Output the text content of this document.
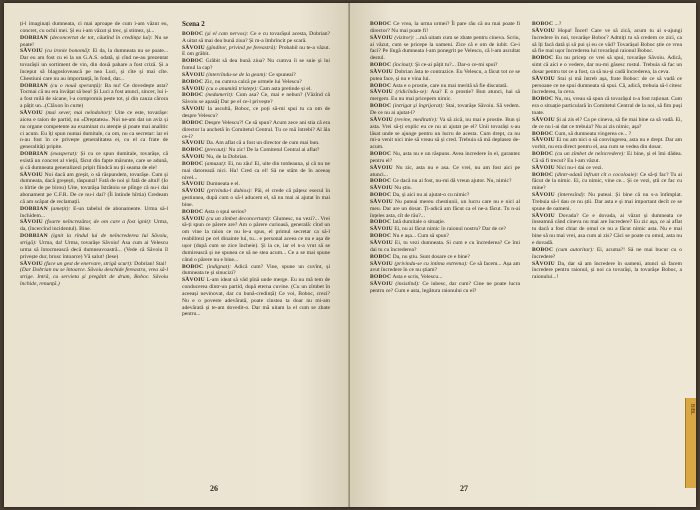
ți-l imaginați dumneata, ci mai aproape de cum i-am văzut eu, concret, cu ochii mei. Și eu i-am văzut și trec, și stimez, și...

DOBRIAN (deconcertat de tot, căutînd în credința lui): Nu se poate!

SĂVOIU (cu ironie bonomă): Ei da, la dumneata nu se poate... Dar eu am fost cu ei la un G.A.S. odată, și cînd ne-au prezentat tovarășii un sortiment de vin, din două pahare a fost criză. Și a început să blagoslovească pe nea Luci, și cîte și mai cîte. Chestiuni care nu au importanță, în fond, dar...

DOBRIAN (cu o nouă speranță): Ba nu! Ce dovedește asta? Tocmai că nu era învățat să bea! Și Luci a fost atunci, sincer, lui i-a fost milă de sicane, l-a compromis peste tot, și din cauza cărora a pățit un...(Clăxon în curte)

SĂVOIU (mai sever, mai neîndoitor): Uite ce este, tovarășe: aicea e raion de partid, nu «Dreptatea». Noi ne-am dat un aviz și nu organe competente au examinat cu atenție și poate mai analitic ci acum. Eu îți spun numai dumitale, ca om, nu ca secretar: iar ei n-au fost în ce privește generalitatea ei, cu el ca frate de generalități pripite.

DOBRIAN (exasperat): Și cu ce spun dumitale, tovarășe, că există un concret al vieții, făcut din fapte mărunte, care se adună, și că dumneata generalizezi pripit fiindcă nu ții seama de ele!

SĂVOIU Noi dacă am greșit, o să răspundem, tovarășe. Cum și dumneata, dacă greșești, răspunzi! Fată de noi și fată de altul! (Io o hîrtie de pe birou) Uite, tovarășa Istrătoiu se plînge că nu-i dai abonament pe C.F.R. De ce nu-i dai? (Îi întinde hîrtia) Credeam că am scăpat de reclamații.

DOBRIAN (amețit): E-un tabelul de abonamente. Urma să-l închidem...

SĂVOIU (foarte neîncrezător, de om care a fost ignit): Urma, da, (încercînd incidentul). Bine.

DOBRIAN (ignit la rîndul lui de neîncrederea lui Săvoiu, strigă): Urma, da! Urma, tovarășe Săvoiu! Asa cum ai Velescu urma să întocmească decă dumneavoastră... (Vede că Săvoiu îl privește dur, brusc întoarce) Vă salut! (Iese)

SĂVOIU (face un gest de enervare, strigă scurt): Dobrian! Stai!

(Dar Dobrian nu se întoarce. Săvoiu deschide fereastra, vrea să-l strige. Intră, cu servieta și pregătit de drum, Boboc. Săvoiu închide, renunță.)

Scena 2

BOBOC (și el cam nervos): Ce e cu tovarășul acesta, Dobrian? A uitat să mai dea bună ziua? Și m-a îmbrîncit pe scară.

SĂVOIU (gînditor, privind pe fereastră): Probabil nu te-a văzut. E om grăbit.

BOBOC Grăbit să dea bună ziua? Nu cumva îi se suie și lui fumul la cap?

SĂVOIU (intercîndu-se de la geam): Ce spuneai?

BOBOC Zic, nu cumva calcă pe urmele lui Velescu?

SĂVOIU (cu o anumită tristețe): Cam asta pretinde și el.

BOBOC (nedumerit): Cum asa? Ce, mai e nebun? (Văzînd că Săvoiu se apasă) Dar pe el ce-l privește?

SĂVOIU Ia ascultă, Boboc, ce poți să-mi spui tu ca om de despre Velescu?

BOBOC Despre Velescu?! Ce să spun? Acum zece ani stia că era director la anchetă în Comitetul Central. Tu ce mă întrebi? Al ăla ce-i?

SĂVOIU Da. Am aflat că a fost un director de cum mai bun.

BOBOC (precaut): Nu zic! De la Comitetul Central ai aflat?

SĂVOIU Nu, de la Dobrian.

BOBOC (amuzat): Ei, nu zău! Ei, uite din totdeauna, și că nu ne mai datorează nici. Ha! Cred ca el! Să ne stăm de în aceeaș nivel...

SĂVOIU Dumneata e el.

SĂVOIU (privindu-l dubios): Păi, el crede că pățesc esecul în gestiunea, după cum o să-l aducem el, să nu mai ai ajutat în mai bine.

BOBOC Asta o spui serios?

SĂVOIU (cu un zîmbet deconcertant): Glumesc, nu vezi?... Vrei să-ți spun ce părere are? Am o părere curioasă, generală: cînd un om vine la raion ce nu le-a spus, el primul secretar ca să-l reabilitezi pe cel dinainte lui, tu... e personal aceea ce nu e așa de ușor (după cum se zice încheie). Și la ce, iar el n-a vrut să se dumirească și ne spunea ce să ne stea acum... Ce a se mai spune când o părere nu e bine...

BOBOC (indignat): Adică cum? Vine, spune un cuvînt, și dumneata te și sinucizi?

SĂVOIU L-am ideat să văd pînă unde merge. Eu nu mă tem de conducerea dintr-un partid, după eterna cuvine. (Cu un zîmbet în aceeași nevinovat, dar cu bună-credință) Ce voi, Boboc, crezi? Nu e o poveste adevărată, poate cinstea ta doar nu mi-am adevărată și te-am dovedit-o. Dar mă uitam la el cum se zbate pentru...

26

BOBOC Ce vrea, la urma urmei? Îi pare rău că nu mai poate fi director? Nu mai poate fi!

SĂVOIU (vizitor): ...mă uitam cum se zbate pentru cineva. Scriu, ai văzut, cum se pricepe la oameni. Zice că e om de iubit. Ce-i faci? Pe lîngă dumneata l-am ponegrit pe Velescu, că l-am ascultat destul.

BOBOC (încinat): Și ce-ai pățit tu?... Dar-o ce-mi spui?

SĂVOIU Dobrian ăsta te contrazice. Eu Velescu, a făcut tot ce se putea face, și nu e vina lui.

BOBOC Asta e o prostie, care nu mai merită să fie discutată.

SĂVOIU (ridicîndu-se): Asa? E o prostie? Bun atunci, hai să mergem. Eu nu mai pricepem nimic.

BOBOC (intrigat și îngrijorat): Stai, tovarășe Săvoiu. Să vedem. De ce nu ai ajutat-l?

SĂVOIU (revine, meditativ): Va să zică, nu mai e prostie. Bun și asta. Vrei să-ți explic eu ce nu ai ajutat pe el? Unii tovarăși s-au lăsat unde se ajunge pentru un lucru de acesta. Cum drept, ca nu mi-a venit nici mie să vreau să și cred. Trebuia să mă deplasez de-acum.

BOBOC Nu, asta nu e un răspuns. Avea incredere în el, garantez pentru el?

SĂVOIU Nu zic, asta nu e asa. Ce vrei, nu am fost aici pe atunci...

BOBOC Ce dacă nu ai fost, nu-mi dă vreun ajutor. Nu, nimic?

SĂVOIU Nu știu.

BOBOC Da, și aici nu ai ajutat-o cu nimic?

SĂVOIU Nu puteai mereu chestiunii, un lucru care nu e nici al meu. Dar are un dosar. Ți-adică am făcut ca el ne-a făcut. Tu n-ai înțeles asta, cît de rău?...

BOBOC Iată dumitale o situație.

SĂVOIU Ei, nu ai făcut nimic în raionul nostru? Dar de ce?

BOBOC Nu e așa... Cum să spun?

SĂVOIU Ei, tu vezi dumneata. Si cum e cu încrederea? Ce îmi dai tu cu încrederea?

BOBOC Da, nu știu. Sunt dosare ce e bine?

SĂVOIU (privindu-se cu intima extrema): Ce să facem... Așa am avut încredere în ce nu știam?

BOBOC Asta e scris, Velescu...

SĂVOIU (insistînd): Ce iubesc, dar cum? Cine ne poate lucra pentru ce? Cum e asta, legătura raionului cu el?

BOBOC ...?

SĂVOIU Hopa! Încet! Care ve să zică, acum tu ai s-ajungi încredere în noi, tovarășe Boboc? Admiți tu să credem ce zici, ca să îți facă dată și să pui și eu ce văd? Tovarășul Boboc știe ce vrea să fie mai ușor încrederea lui tovarășul raionul Boboc.

BOBOC Eu nu pricep ce vrei să spui, tovarășe Săvoiu. Adică, simt că aici e o vedere, dar nu-mi găsesc rostul. Trebuia să fac un dosar pentru tot ce a fost, ca să nu-și cadă încrederea, la ceva.

SĂVOIU Stai și mă întreb așa, frate Boboc: de ce să vadă ce persoane ce ne spui dumneata să spui. Că, adică, trebuia să-l citesc încrederea, la ceva.

BOBOC Nu, nu, vreau să spun că tovarășul n-a fost raționat. Cum era o situație particulară în Comitetul Central de la noi, să fim puși toate.

SĂVOIU Și ai zis el? Ca pe cineva, să fie mai bine ca să vadă. Ei, de ce nu i-ai dat ce trebuia? Nu ai zis nimic, așa?

BOBOC Cum, să dumneata vingerea ce... ?

SĂVOIU Ei nu am nici o să convingerea, asta nu e drept. Dar am vorbit, nu era direct pentru el, asa cum se vedea din dosar.

BOBOC (cu un zîmbet de neîncredere): Ei bine, și el îmi dădea. Că să fi trecut? Eu l-am văzut.

SĂVOIU Nici nu-i dai ce vezi.

BOBOC (dintr-odată înfrunt cît o cocoloaie): Ce să-ți fac? Tu ai făcut de la nimic. Ei, cu nimic, vine ce... Și ce vezi, știi ce fac cu mine?

SĂVOIU (interesînd): Nu puteai. Și bine că nu s-a întîmplat. Trebuia să-l dau ce nu știi. Dar asta e și mai important decît ce se spune de oameni.

SĂVOIU Dovada? Ce e dovada, ai văzut și dumneata ce înseamnă când cineva nu mai are încredere? Eu zic așa, ce ai aflat tu dacă a fost chiar de omul ce nu a făcut nimic asta. Nu e mai bine să nu mai vrei, asa cum ai zis? Căci se poate cu omul, asta nu e dovadă.

BOBOC (cum autoritar): Ei, acuma?! Să ne mai bucur cu o încredere?

SĂVOIU Da, dar să am încredere în oameni, atunci să facem încredere pentru raionul, și noi ca tovarăși, la tovarășe Boboc, a raionului...!

27
BIBL
